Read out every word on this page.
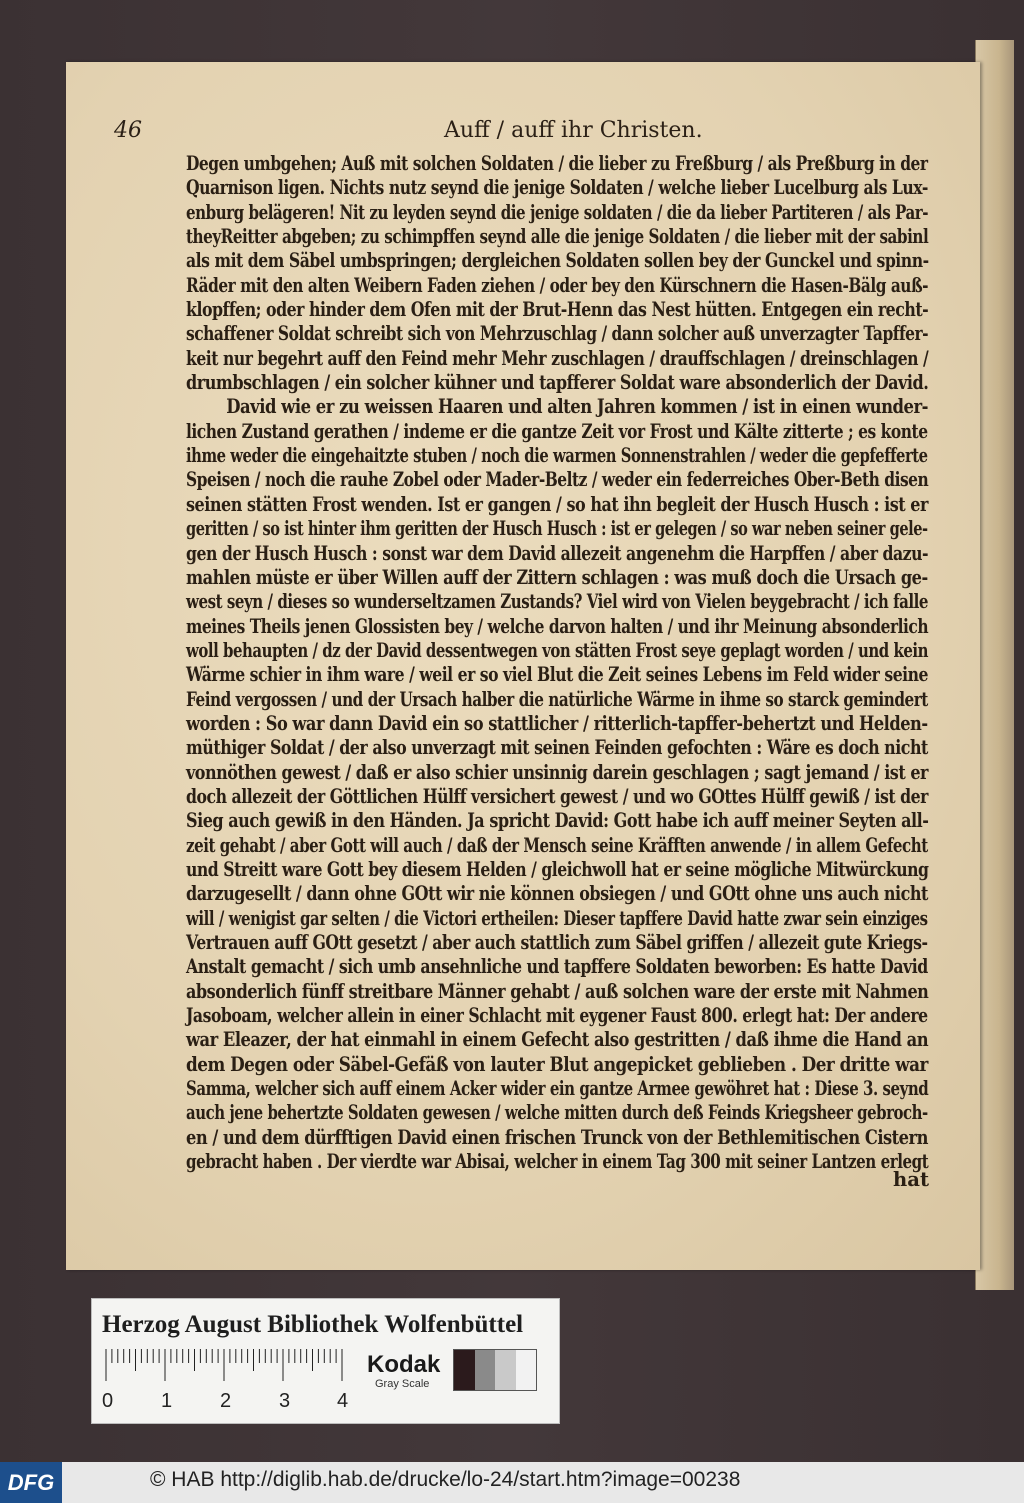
46	Auff / auff ihr Christen.
Degen umbgehen; Auß mit solchen Soldaten / die lieber zu Freßburg / als Preßburg in der
Quarnison ligen. Nichts nutz seynd die jenige Soldaten / welche lieber Lucelburg als Lux-
enburg belägeren! Nit zu leyden seynd die jenige soldaten / die da lieber Partiteren / als Par-
theyReitter abgeben; zu schimpffen seynd alle die jenige Soldaten / die lieber mit der sabinl
als mit dem Säbel umbspringen; dergleichen Soldaten sollen bey der Gunckel und spinn-
Räder mit den alten Weibern Faden ziehen / oder bey den Kürschnern die Hasen-Bälg auß-
klopffen; oder hinder dem Ofen mit der Brut-Henn das Nest hütten. Entgegen ein recht-
schaffener Soldat schreibt sich von Mehrzuschlag / dann solcher auß unverzagter Tapffer-
keit nur begehrt auff den Feind mehr Mehr zuschlagen / drauffschlagen / dreinschlagen /
drumbschlagen / ein solcher kühner und tapfferer Soldat ware absonderlich der David.
David wie er zu weissen Haaren und alten Jahren kommen / ist in einen wunder-
lichen Zustand gerathen / indeme er die gantze Zeit vor Frost und Kälte zitterte ; es konte
ihme weder die eingehaitzte stuben / noch die warmen Sonnenstrahlen / weder die gepfefferte
Speisen / noch die rauhe Zobel oder Mader-Beltz / weder ein federreiches Ober-Beth disen
seinen stätten Frost wenden. Ist er gangen / so hat ihn begleit der Husch Husch : ist er
geritten / so ist hinter ihm geritten der Husch Husch : ist er gelegen / so war neben seiner gele-
gen der Husch Husch : sonst war dem David allezeit angenehm die Harpffen / aber dazu-
mahlen müste er über Willen auff der Zittern schlagen : was muß doch die Ursach ge-
west seyn / dieses so wunderseltzamen Zustands? Viel wird von Vielen beygebracht / ich falle
meines Theils jenen Glossisten bey / welche darvon halten / und ihr Meinung absonderlich
woll behaupten / dz der David dessentwegen von stätten Frost seye geplagt worden / und kein
Wärme schier in ihm ware / weil er so viel Blut die Zeit seines Lebens im Feld wider seine
Feind vergossen / und der Ursach halber die natürliche Wärme in ihme so starck gemindert
worden : So war dann David ein so stattlicher / ritterlich-tapffer-behertzt und Helden-
müthiger Soldat / der also unverzagt mit seinen Feinden gefochten : Wäre es doch nicht
vonnöthen gewest / daß er also schier unsinnig darein geschlagen ; sagt jemand / ist er
doch allezeit der Göttlichen Hülff versichert gewest / und wo GOttes Hülff gewiß / ist der
Sieg auch gewiß in den Händen. Ja spricht David: Gott habe ich auff meiner Seyten all-
zeit gehabt / aber Gott will auch / daß der Mensch seine Kräfften anwende / in allem Gefecht
und Streitt ware Gott bey diesem Helden / gleichwoll hat er seine mögliche Mitwürckung
darzugesellt / dann ohne GOtt wir nie können obsiegen / und GOtt ohne uns auch nicht
will / wenigist gar selten / die Victori ertheilen: Dieser tapffere David hatte zwar sein einziges
Vertrauen auff GOtt gesetzt / aber auch stattlich zum Säbel griffen / allezeit gute Kriegs-
Anstalt gemacht / sich umb ansehnliche und tapffere Soldaten beworben: Es hatte David
absonderlich fünff streitbare Männer gehabt / auß solchen ware der erste mit Nahmen
Jasoboam, welcher allein in einer Schlacht mit eygener Faust 800. erlegt hat: Der andere
war Eleazer, der hat einmahl in einem Gefecht also gestritten / daß ihme die Hand an
dem Degen oder Säbel-Gefäß von lauter Blut angepicket geblieben . Der dritte war
Samma, welcher sich auff einem Acker wider ein gantze Armee gewöhret hat : Diese 3. seynd
auch jene behertzte Soldaten gewesen / welche mitten durch deß Feinds Kriegsheer gebroch-
en / und dem dürfftigen David einen frischen Trunck von der Bethlemitischen Cistern
gebracht haben . Der vierdte war Abisai, welcher in einem Tag 300 mit seiner Lantzen erlegt
hat
Herzog August Bibliothek Wolfenbüttel
0 1 2 3 4
Kodak
Gray Scale
DFG	© HAB http://diglib.hab.de/drucke/lo-24/start.htm?image=00238
